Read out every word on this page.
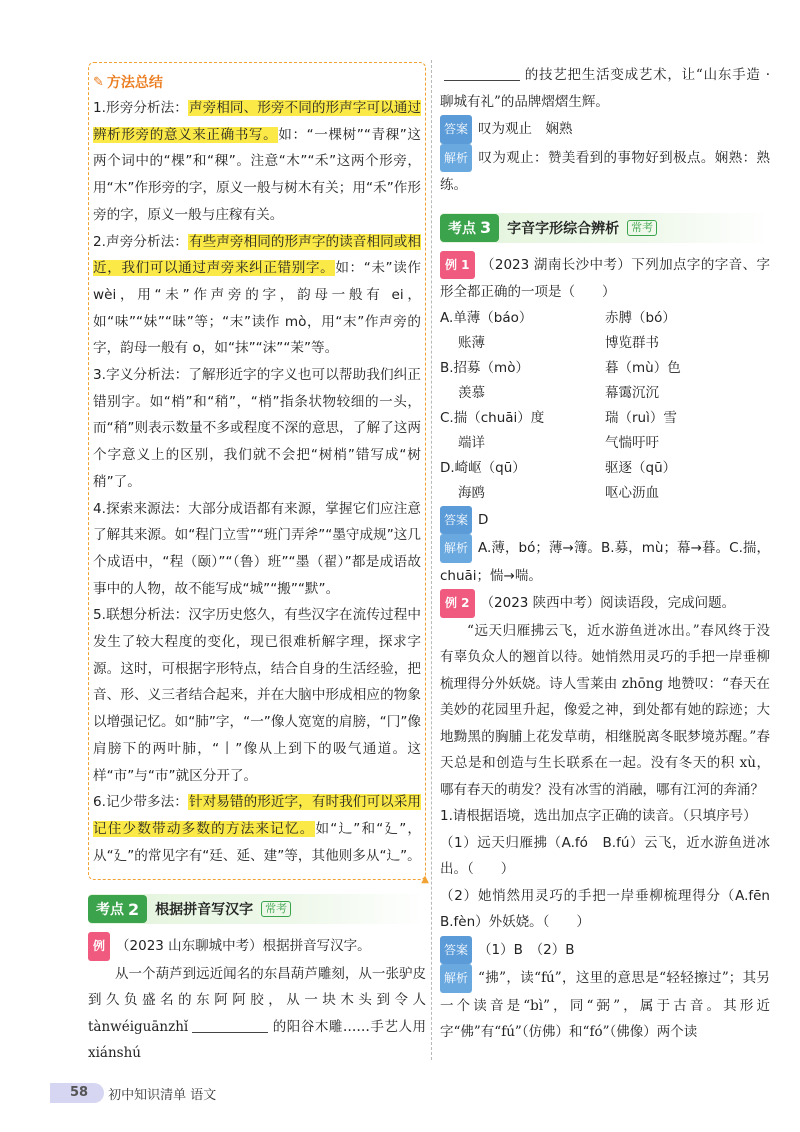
✎ 方法总结
1.形旁分析法：声旁相同、形旁不同的形声字可以通过辨析形旁的意义来正确书写。如：“一棵树”“青稞”这两个词中的“棵”和“稞”。注意“木”“禾”这两个形旁，用“木”作形旁的字，原义一般与树木有关；用“禾”作形旁的字，原义一般与庄稼有关。
2.声旁分析法：有些声旁相同的形声字的读音相同或相近，我们可以通过声旁来纠正错别字。如：“未”读作 wèi，用“未”作声旁的字，韵母一般有 ei，如“味”“妹”“昧”等；“末”读作 mò，用“末”作声旁的字，韵母一般有 o，如“抹”“沫”“茉”等。
3.字义分析法：了解形近字的字义也可以帮助我们纠正错别字。如“梢”和“稍”，“梢”指条状物较细的一头，而“稍”则表示数量不多或程度不深的意思，了解了这两个字意义上的区别，我们就不会把“树梢”错写成“树稍”了。
4.探索来源法：大部分成语都有来源，掌握它们应注意了解其来源。如“程门立雪”“班门弄斧”“墨守成规”这几个成语中，“程（颐）”“（鲁）班”“墨（翟）”都是成语故事中的人物，故不能写成“城”“搬”“默”。
5.联想分析法：汉字历史悠久，有些汉字在流传过程中发生了较大程度的变化，现已很难析解字理，探求字源。这时，可根据字形特点，结合自身的生活经验，把音、形、义三者结合起来，并在大脑中形成相应的物象以增强记忆。如“肺”字，“一”像人宽宽的肩膀，“冂”像肩膀下的两叶肺，“丨”像从上到下的吸气通道。这样“市”与“巿”就区分开了。
6.记少带多法：针对易错的形近字，有时我们可以采用记住少数带动多数的方法来记忆。如“辶”和“廴”，从“廴”的常见字有“廷、延、建”等，其他则多从“辶”。
▲
考点 2 根据拼音写汉字	常考
例 （2023 山东聊城中考）根据拼音写汉字。
从一个葫芦到远近闻名的东昌葫芦雕刻，从一张驴皮到久负盛名的东阿阿胶，从一块木头到令人 tànwéiguānzhǐ	的阳谷木雕……手艺人用 xiánshú
的技艺把生活变成艺术，让“山东手造 · 聊城有礼”的品牌熠熠生辉。
答案 叹为观止　娴熟
解析 叹为观止：赞美看到的事物好到极点。娴熟：熟练。
考点 3 字音字形综合辨析	常考
例 1 （2023 湖南长沙中考）下列加点字的字音、字形全都正确的一项是（　　）
A.单薄（báo）	赤膊（bó）
账薄	博览群书
B.招募（mò）	暮（mù）色
羡慕	幕霭沉沉
C.揣（chuāi）度	瑞（ruì）雪
端详	气惴吁吁
D.崎岖（qū）	驱逐（qū）
海鸥	呕心沥血
答案 D
解析 A.薄，bó；薄→簿。B.募，mù；幕→暮。C.揣，chuāi；惴→喘。
例 2 （2023 陕西中考）阅读语段，完成问题。
“远天归雁拂云飞，近水游鱼迸冰出。”春风终于没有辜负众人的翘首以待。她悄然用灵巧的手把一岸垂柳梳理得分外妖娆。诗人雪莱由 zhōng 地赞叹：“春天在美妙的花园里升起，像爱之神，到处都有她的踪迹；大地黝黑的胸脯上花发草萌，相继脱离冬眠梦境苏醒。”春天总是和创造与生长联系在一起。没有冬天的积 xù，哪有春天的萌发？没有冰雪的消融，哪有江河的奔涌？
1.请根据语境，选出加点字正确的读音。（只填序号）
（1）远天归雁拂（A.fó　B.fú）云飞，近水游鱼迸冰出。（　　）
（2）她悄然用灵巧的手把一岸垂柳梳理得分（A.fēn　B.fèn）外妖娆。（　　）
答案 （1）B　（2）B
解析 “拂”，读“fú”，这里的意思是“轻轻擦过”；其另一个读音是“bì”，同“弼”，属于古音。其形近字“佛”有“fú”（仿佛）和“fó”（佛像）两个读
58	初中知识清单 语文
